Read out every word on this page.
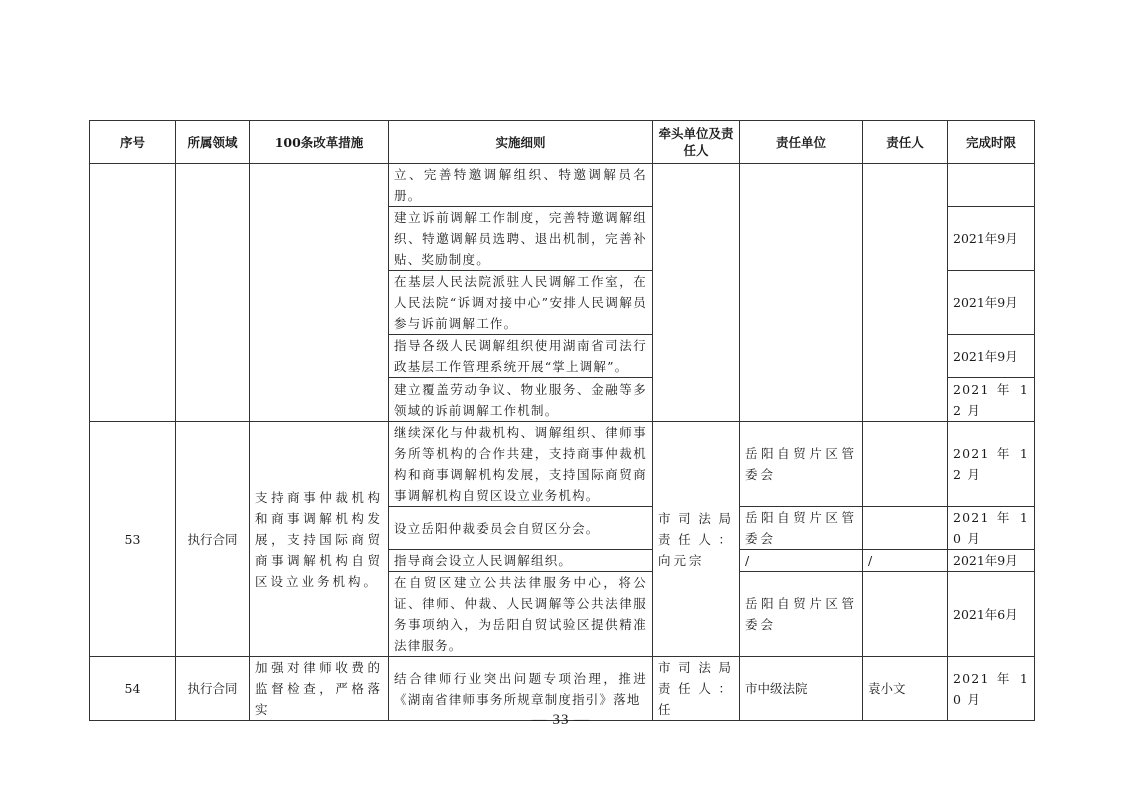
序号	所属领域	100条改革措施	实施细则	牵头单位及责任人	责任单位	责任人	完成时限
			立、完善特邀调解组织、特邀调解员名册。				
			建立诉前调解工作制度，完善特邀调解组织、特邀调解员选聘、退出机制，完善补贴、奖励制度。				2021年9月
			在基层人民法院派驻人民调解工作室，在人民法院“诉调对接中心”安排人民调解员参与诉前调解工作。				2021年9月
			指导各级人民调解组织使用湖南省司法行政基层工作管理系统开展“掌上调解”。				2021年9月
			建立覆盖劳动争议、物业服务、金融等多领域的诉前调解工作机制。				2021 年 12 月
53	执行合同	支持商事仲裁机构和商事调解机构发展，支持国际商贸商事调解机构自贸区设立业务机构。	继续深化与仲裁机构、调解组织、律师事务所等机构的合作共建，支持商事仲裁机构和商事调解机构发展，支持国际商贸商事调解机构自贸区设立业务机构。	市司法局责任人：向元宗	岳阳自贸片区管委会		2021 年 12 月
			设立岳阳仲裁委员会自贸区分会。		岳阳自贸片区管委会		2021 年 10 月
			指导商会设立人民调解组织。		/	/	2021年9月
			在自贸区建立公共法律服务中心，将公证、律师、仲裁、人民调解等公共法律服务事项纳入，为岳阳自贸试验区提供精准法律服务。		岳阳自贸片区管委会		2021年6月
54	执行合同	加强对律师收费的监督检查，严格落实	结合律师行业突出问题专项治理，推进《湖南省律师事务所规章制度指引》落地	市司法局责任人：任	市中级法院	袁小文	2021 年 10 月
— 33 —
